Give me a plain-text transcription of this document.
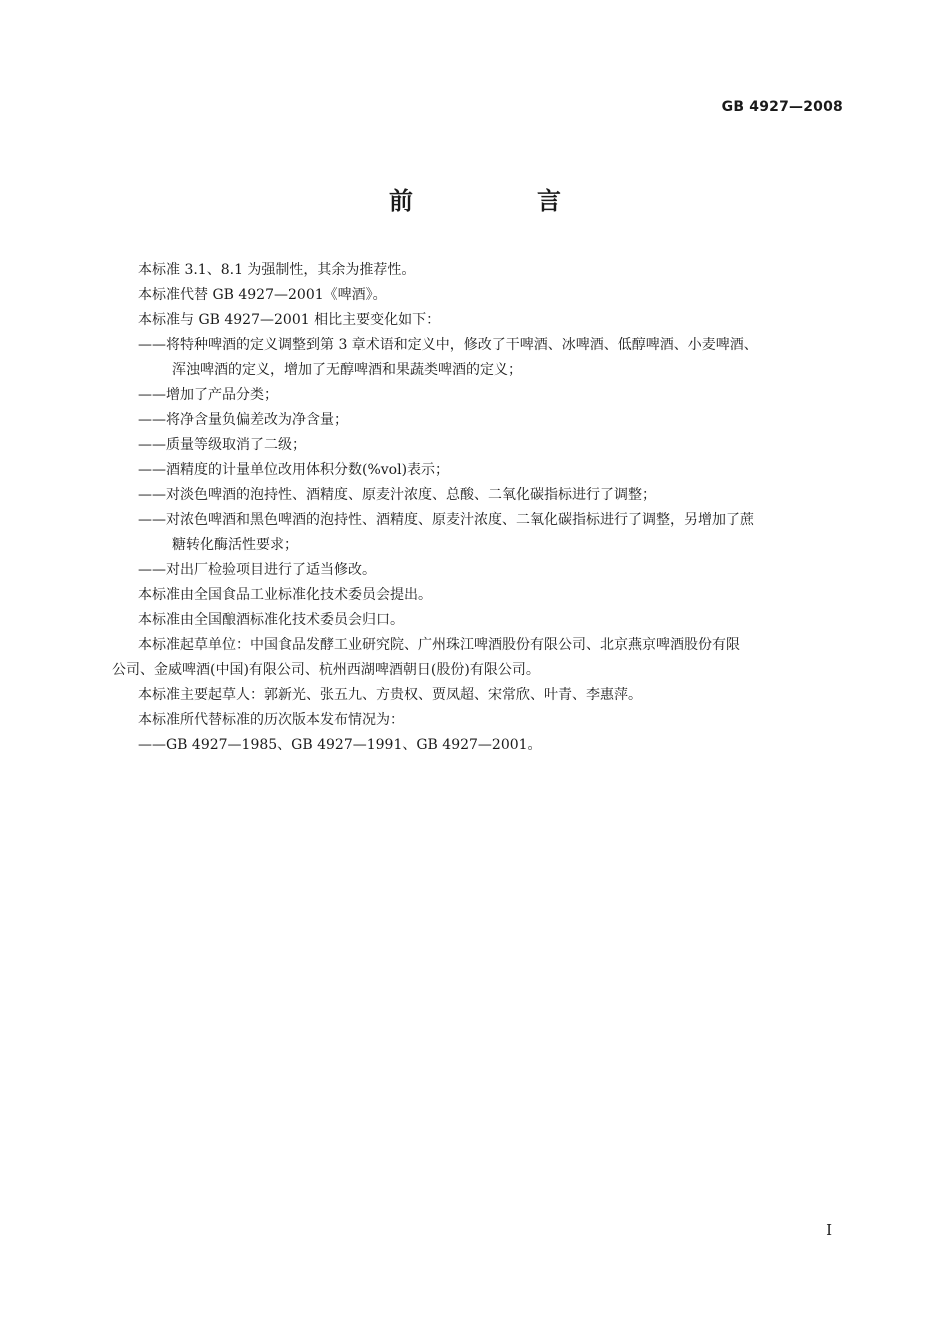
GB 4927—2008
前　言

本标准 3.1、8.1 为强制性，其余为推荐性。

本标准代替 GB 4927—2001《啤酒》。

本标准与 GB 4927—2001 相比主要变化如下：

——将特种啤酒的定义调整到第 3 章术语和定义中，修改了干啤酒、冰啤酒、低醇啤酒、小麦啤酒、
浑浊啤酒的定义，增加了无醇啤酒和果蔬类啤酒的定义；
——增加了产品分类；
——将净含量负偏差改为净含量；
——质量等级取消了二级；
——酒精度的计量单位改用体积分数(%vol)表示；
——对淡色啤酒的泡持性、酒精度、原麦汁浓度、总酸、二氧化碳指标进行了调整；
——对浓色啤酒和黑色啤酒的泡持性、酒精度、原麦汁浓度、二氧化碳指标进行了调整，另增加了蔗
糖转化酶活性要求；
——对出厂检验项目进行了适当修改。

本标准由全国食品工业标准化技术委员会提出。

本标准由全国酿酒标准化技术委员会归口。

本标准起草单位：中国食品发酵工业研究院、广州珠江啤酒股份有限公司、北京燕京啤酒股份有限
公司、金威啤酒(中国)有限公司、杭州西湖啤酒朝日(股份)有限公司。

本标准主要起草人：郭新光、张五九、方贵权、贾凤超、宋常欣、叶青、李惠萍。

本标准所代替标准的历次版本发布情况为：

——GB 4927—1985、GB 4927—1991、GB 4927—2001。

I
